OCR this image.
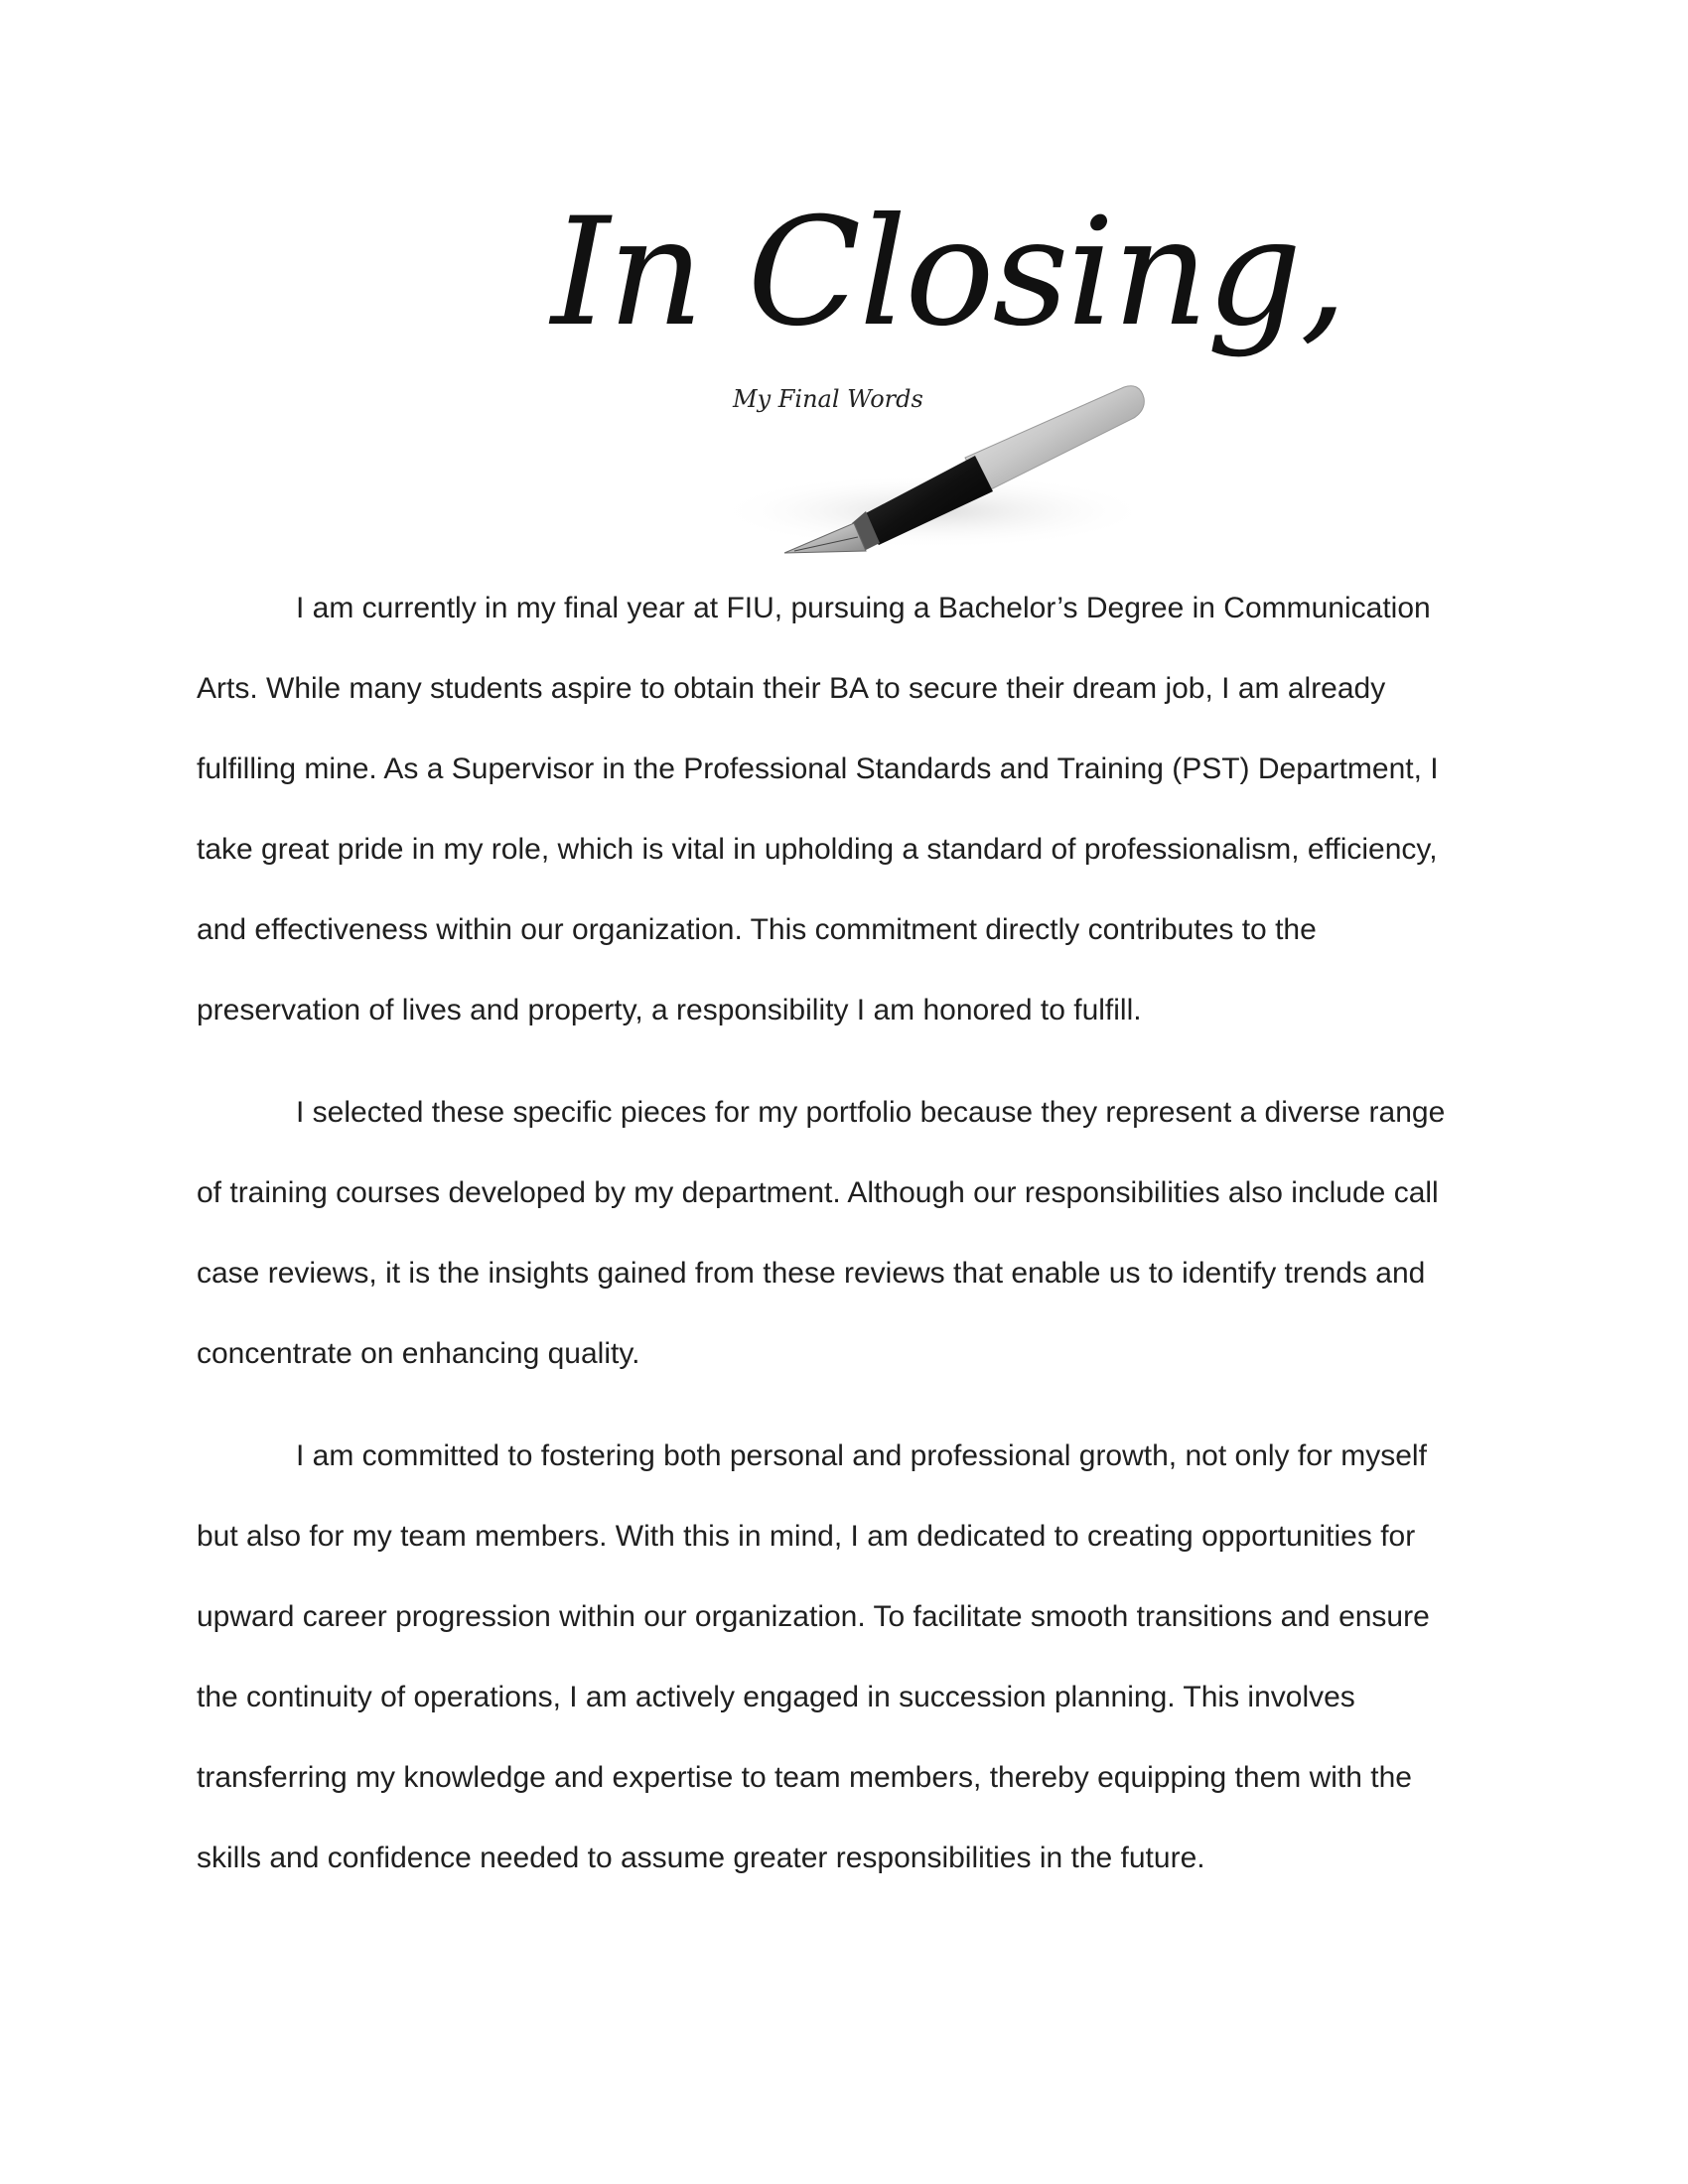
In Closing,
My Final Words

I am currently in my final year at FIU, pursuing a Bachelor’s Degree in Communication
Arts. While many students aspire to obtain their BA to secure their dream job, I am already
fulfilling mine. As a Supervisor in the Professional Standards and Training (PST) Department, I
take great pride in my role, which is vital in upholding a standard of professionalism, efficiency,
and effectiveness within our organization. This commitment directly contributes to the
preservation of lives and property, a responsibility I am honored to fulfill.

I selected these specific pieces for my portfolio because they represent a diverse range
of training courses developed by my department. Although our responsibilities also include call
case reviews, it is the insights gained from these reviews that enable us to identify trends and
concentrate on enhancing quality.

I am committed to fostering both personal and professional growth, not only for myself
but also for my team members. With this in mind, I am dedicated to creating opportunities for
upward career progression within our organization. To facilitate smooth transitions and ensure
the continuity of operations, I am actively engaged in succession planning. This involves
transferring my knowledge and expertise to team members, thereby equipping them with the
skills and confidence needed to assume greater responsibilities in the future.
